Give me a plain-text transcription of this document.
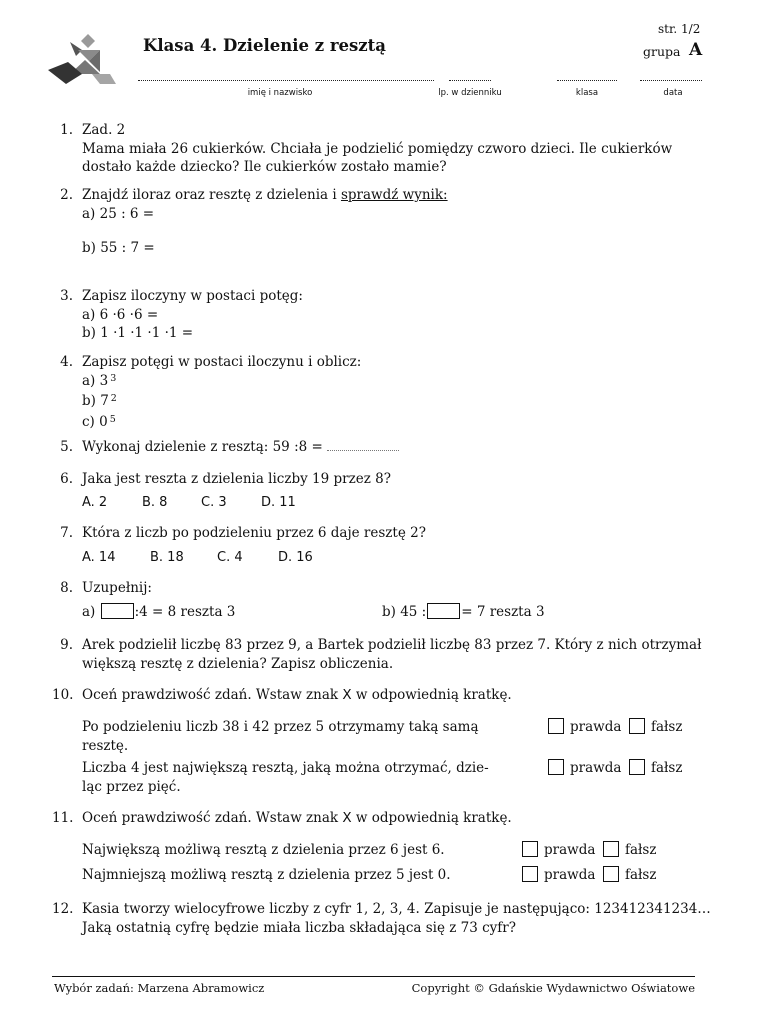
Klasa 4. Dzielenie z resztą
str. 1/2
grupa A
imię i nazwisko	lp. w dzienniku	klasa	data
1. Zad. 2
Mama miała 26 cukierków. Chciała je podzielić pomiędzy czworo dzieci. Ile cukierków
dostało każde dziecko? Ile cukierków zostało mamie?
2. Znajdź iloraz oraz resztę z dzielenia i sprawdź wynik:
a) 25 : 6 =
b) 55 : 7 =
3. Zapisz iloczyny w postaci potęg:
a) 6 ·6 ·6 =
b) 1 ·1 ·1 ·1 ·1 =
4. Zapisz potęgi w postaci iloczynu i oblicz:
a) 3 $^3$
b) 7 $^2$
c) 0 $^5$
5. Wykonaj dzielenie z resztą: 59 :8 =
6. Jaka jest reszta z dzielenia liczby 19 przez 8?
A. 2	B. 8	C. 3	D. 11
7. Która z liczb po podzieleniu przez 6 daje resztę 2?
A. 14	B. 18	C. 4	D. 16
8. Uzupełnij:
a)	:4 = 8 reszta 3	b) 45 :	= 7 reszta 3
9. Arek podzielił liczbę 83 przez 9, a Bartek podzielił liczbę 83 przez 7. Który z nich otrzymał
większą resztę z dzielenia? Zapisz obliczenia.
10. Oceń prawdziwość zdań. Wstaw znak X w odpowiednią kratkę.
Po podzieleniu liczb 38 i 42 przez 5 otrzymamy taką samą
resztę.
prawda	fałsz
Liczba 4 jest największą resztą, jaką można otrzymać, dzie-
ląc przez pięć.
prawda	fałsz
11. Oceń prawdziwość zdań. Wstaw znak X w odpowiednią kratkę.
Największą możliwą resztą z dzielenia przez 6 jest 6.	prawda	fałsz
Najmniejszą możliwą resztą z dzielenia przez 5 jest 0.	prawda	fałsz
12. Kasia tworzy wielocyfrowe liczby z cyfr 1, 2, 3, 4. Zapisuje je następująco: 123412341234…
Jaką ostatnią cyfrę będzie miała liczba składająca się z 73 cyfr?
Wybór zadań: Marzena Abramowicz	Copyright © Gdańskie Wydawnictwo Oświatowe
